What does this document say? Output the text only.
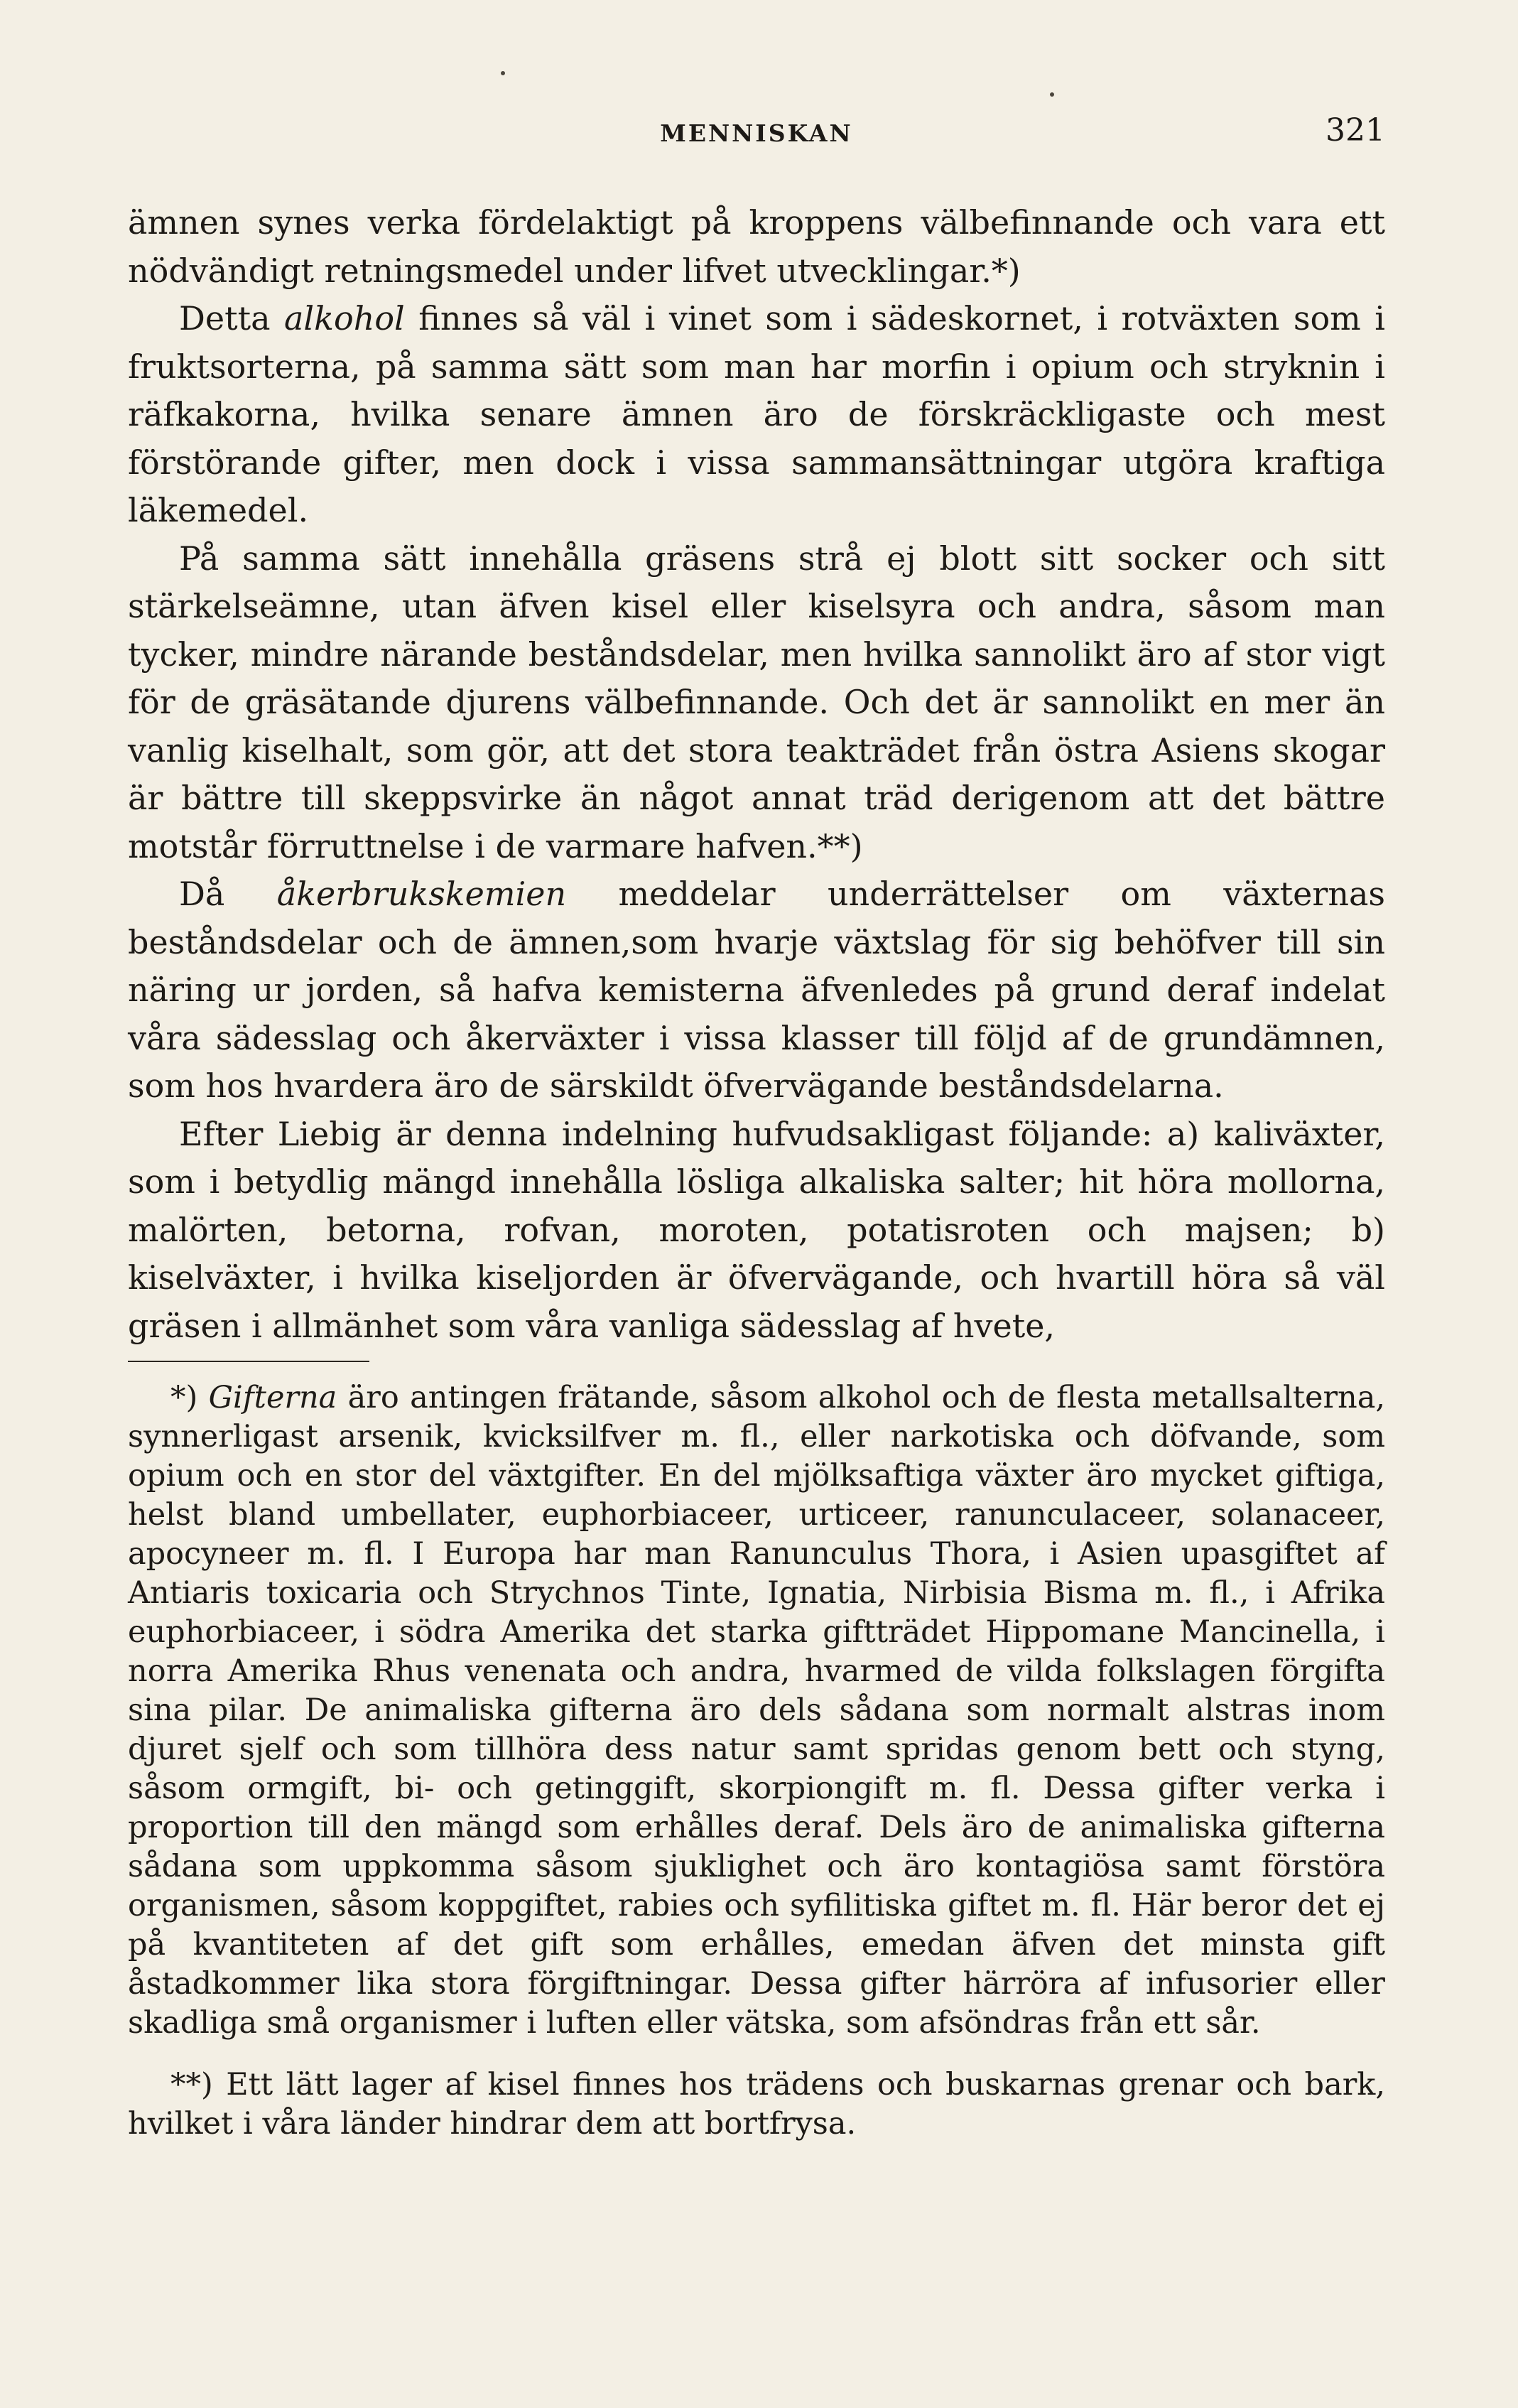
MENNISKAN	321

ämnen synes verka fördelaktigt på kroppens välbefinnande och vara ett nödvändigt retningsmedel under lifvet utvecklingar.*)

Detta alkohol finnes så väl i vinet som i sädeskornet, i rotväxten som i fruktsorterna, på samma sätt som man har morfin i opium och stryknin i räfkakorna, hvilka senare ämnen äro de förskräckligaste och mest förstörande gifter, men dock i vissa sammansättningar utgöra kraftiga läkemedel.

På samma sätt innehålla gräsens strå ej blott sitt socker och sitt stärkelseämne, utan äfven kisel eller kiselsyra och andra, såsom man tycker, mindre närande beståndsdelar, men hvilka sannolikt äro af stor vigt för de gräsätande djurens välbefinnande. Och det är sannolikt en mer än vanlig kiselhalt, som gör, att det stora teakträdet från östra Asiens skogar är bättre till skeppsvirke än något annat träd derigenom att det bättre motstår förruttnelse i de varmare hafven.**)

Då åkerbrukskemien meddelar underrättelser om växternas beståndsdelar och de ämnen,som hvarje växtslag för sig behöfver till sin näring ur jorden, så hafva kemisterna äfvenledes på grund deraf indelat våra sädesslag och åkerväxter i vissa klasser till följd af de grundämnen, som hos hvardera äro de särskildt öfvervägande beståndsdelarna.

Efter Liebig är denna indelning hufvudsakligast följande: a) kaliväxter, som i betydlig mängd innehålla lösliga alkaliska salter; hit höra mollorna, malörten, betorna, rofvan, moroten, potatisroten och majsen; b) kiselväxter, i hvilka kiseljorden är öfvervägande, och hvartill höra så väl gräsen i allmänhet som våra vanliga sädesslag af hvete,

*) Gifterna äro antingen frätande, såsom alkohol och de flesta metallsalterna, synnerligast arsenik, kvicksilfver m. fl., eller narkotiska och döfvande, som opium och en stor del växtgifter. En del mjölksaftiga växter äro mycket giftiga, helst bland umbellater, euphorbiaceer, urticeer, ranunculaceer, solanaceer, apocyneer m. fl. I Europa har man Ranunculus Thora, i Asien upasgiftet af Antiaris toxicaria och Strychnos Tinte, Ignatia, Nirbisia Bisma m. fl., i Afrika euphorbiaceer, i södra Amerika det starka giftträdet Hippomane Mancinella, i norra Amerika Rhus venenata och andra, hvarmed de vilda folkslagen förgifta sina pilar. De animaliska gifterna äro dels sådana som normalt alstras inom djuret sjelf och som tillhöra dess natur samt spridas genom bett och styng, såsom ormgift, bi- och getinggift, skorpiongift m. fl. Dessa gifter verka i proportion till den mängd som erhålles deraf. Dels äro de animaliska gifterna sådana som uppkomma såsom sjuklighet och äro kontagiösa samt förstöra organismen, såsom koppgiftet, rabies och syfilitiska giftet m. fl. Här beror det ej på kvantiteten af det gift som erhålles, emedan äfven det minsta gift åstadkommer lika stora förgiftningar. Dessa gifter härröra af infusorier eller skadliga små organismer i luften eller vätska, som afsöndras från ett sår.

**) Ett lätt lager af kisel finnes hos trädens och buskarnas grenar och bark, hvilket i våra länder hindrar dem att bortfrysa.
